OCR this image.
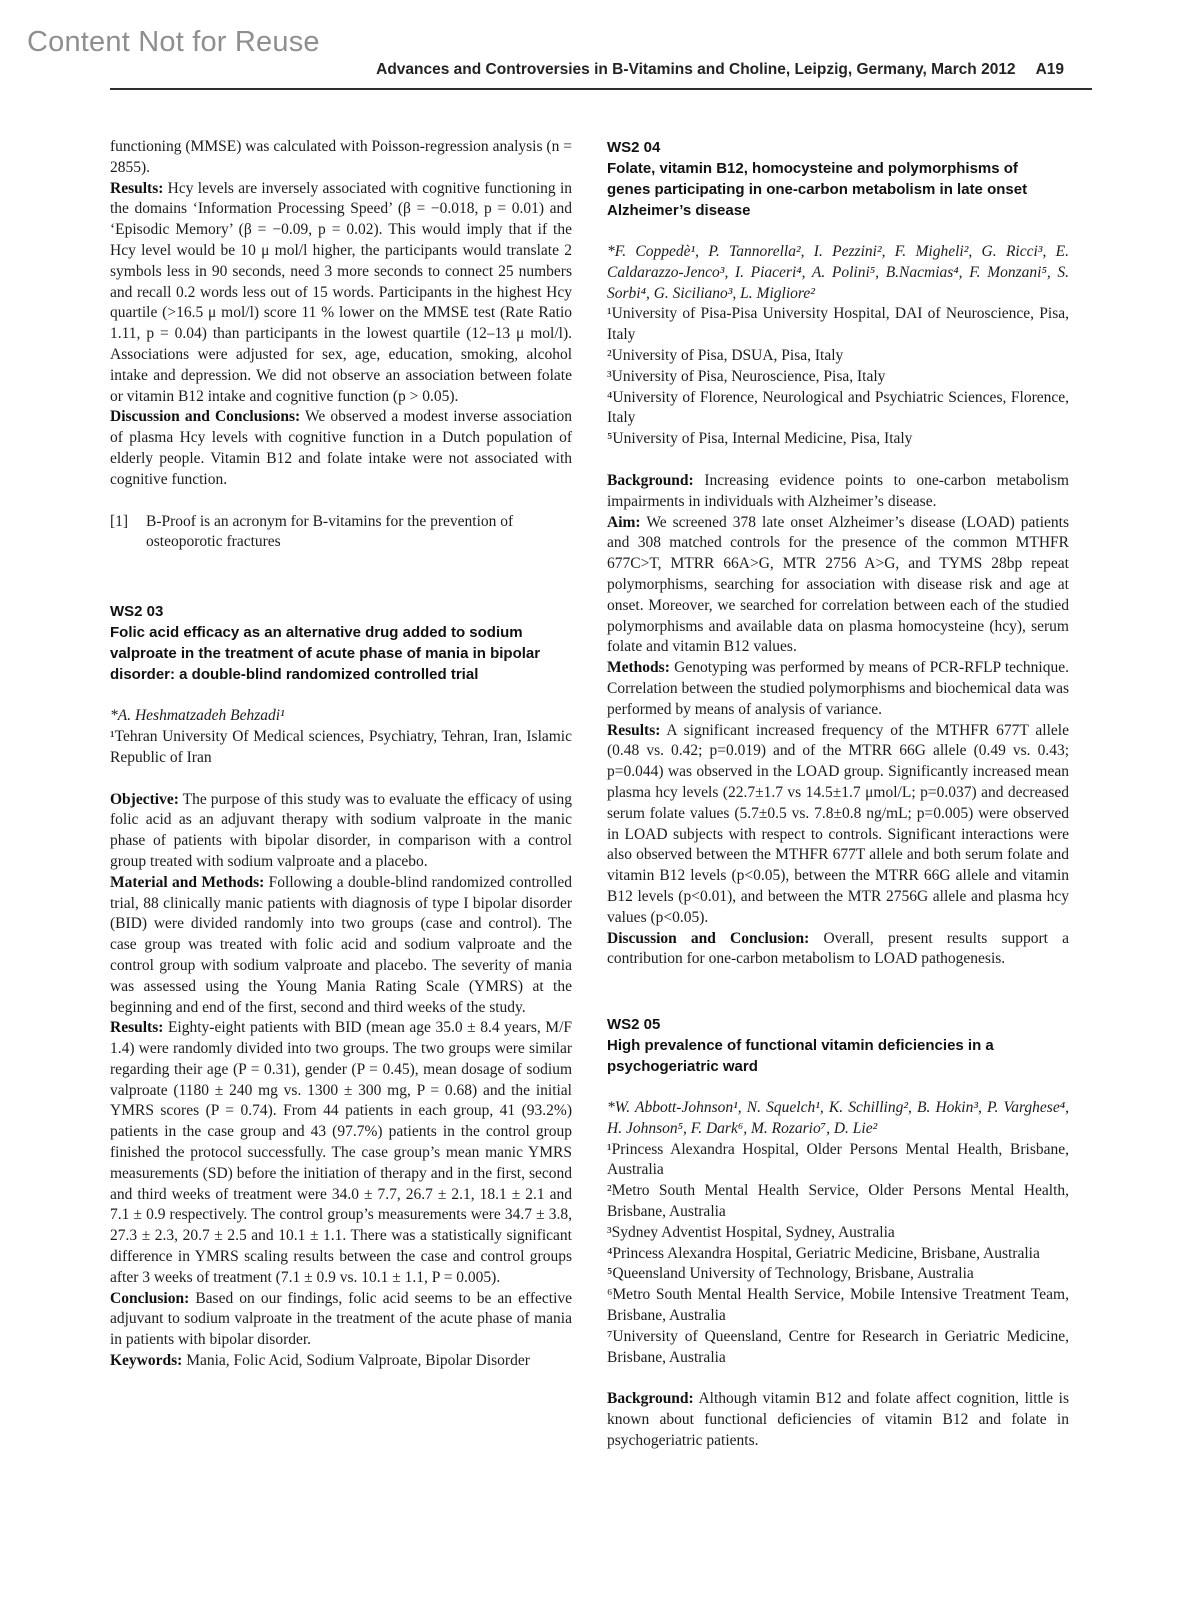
Content Not for Reuse
Advances and Controversies in B-Vitamins and Choline, Leipzig, Germany, March 2012 A19

functioning (MMSE) was calculated with Poisson-regression analysis (n = 2855).

Results: Hcy levels are inversely associated with cognitive functioning in the domains ‘Information Processing Speed’ (β = −0.018, p = 0.01) and ‘Episodic Memory’ (β = −0.09, p = 0.02). This would imply that if the Hcy level would be 10 μ mol/l higher, the participants would translate 2 symbols less in 90 seconds, need 3 more seconds to connect 25 numbers and recall 0.2 words less out of 15 words. Participants in the highest Hcy quartile (>16.5 μ mol/l) score 11 % lower on the MMSE test (Rate Ratio 1.11, p = 0.04) than participants in the lowest quartile (12–13 μ mol/l). Associations were adjusted for sex, age, education, smoking, alcohol intake and depression. We did not observe an association between folate or vitamin B12 intake and cognitive function (p > 0.05).

Discussion and Conclusions: We observed a modest inverse association of plasma Hcy levels with cognitive function in a Dutch population of elderly people. Vitamin B12 and folate intake were not associated with cognitive function.

[1] B-Proof is an acronym for B-vitamins for the prevention of osteoporotic fractures

WS2 03
Folic acid efficacy as an alternative drug added to sodium valproate in the treatment of acute phase of mania in bipolar disorder: a double-blind randomized controlled trial

*A. Heshmatzadeh Behzadi¹

¹Tehran University Of Medical sciences, Psychiatry, Tehran, Iran, Islamic Republic of Iran

Objective: The purpose of this study was to evaluate the efficacy of using folic acid as an adjuvant therapy with sodium valproate in the manic phase of patients with bipolar disorder, in comparison with a control group treated with sodium valproate and a placebo.

Material and Methods: Following a double-blind randomized controlled trial, 88 clinically manic patients with diagnosis of type I bipolar disorder (BID) were divided randomly into two groups (case and control). The case group was treated with folic acid and sodium valproate and the control group with sodium valproate and placebo. The severity of mania was assessed using the Young Mania Rating Scale (YMRS) at the beginning and end of the first, second and third weeks of the study.

Results: Eighty-eight patients with BID (mean age 35.0 ± 8.4 years, M/F 1.4) were randomly divided into two groups. The two groups were similar regarding their age (P = 0.31), gender (P = 0.45), mean dosage of sodium valproate (1180 ± 240 mg vs. 1300 ± 300 mg, P = 0.68) and the initial YMRS scores (P = 0.74). From 44 patients in each group, 41 (93.2%) patients in the case group and 43 (97.7%) patients in the control group finished the protocol successfully. The case group’s mean manic YMRS measurements (SD) before the initiation of therapy and in the first, second and third weeks of treatment were 34.0 ± 7.7, 26.7 ± 2.1, 18.1 ± 2.1 and 7.1 ± 0.9 respectively. The control group’s measurements were 34.7 ± 3.8, 27.3 ± 2.3, 20.7 ± 2.5 and 10.1 ± 1.1. There was a statistically significant difference in YMRS scaling results between the case and control groups after 3 weeks of treatment (7.1 ± 0.9 vs. 10.1 ± 1.1, P = 0.005).

Conclusion: Based on our findings, folic acid seems to be an effective adjuvant to sodium valproate in the treatment of the acute phase of mania in patients with bipolar disorder.

Keywords: Mania, Folic Acid, Sodium Valproate, Bipolar Disorder

WS2 04
Folate, vitamin B12, homocysteine and polymorphisms of genes participating in one-carbon metabolism in late onset Alzheimer’s disease

*F. Coppedè¹, P. Tannorella², I. Pezzini², F. Migheli², G. Ricci³, E. Caldarazzo-Jenco³, I. Piaceri⁴, A. Polini⁵, B.Nacmias⁴, F. Monzani⁵, S. Sorbi⁴, G. Siciliano³, L. Migliore²

¹University of Pisa-Pisa University Hospital, DAI of Neuroscience, Pisa, Italy

²University of Pisa, DSUA, Pisa, Italy

³University of Pisa, Neuroscience, Pisa, Italy

⁴University of Florence, Neurological and Psychiatric Sciences, Florence, Italy

⁵University of Pisa, Internal Medicine, Pisa, Italy

Background: Increasing evidence points to one-carbon metabolism impairments in individuals with Alzheimer’s disease.

Aim: We screened 378 late onset Alzheimer’s disease (LOAD) patients and 308 matched controls for the presence of the common MTHFR 677C>T, MTRR 66A>G, MTR 2756 A>G, and TYMS 28bp repeat polymorphisms, searching for association with disease risk and age at onset. Moreover, we searched for correlation between each of the studied polymorphisms and available data on plasma homocysteine (hcy), serum folate and vitamin B12 values.

Methods: Genotyping was performed by means of PCR-RFLP technique. Correlation between the studied polymorphisms and biochemical data was performed by means of analysis of variance.

Results: A significant increased frequency of the MTHFR 677T allele (0.48 vs. 0.42; p=0.019) and of the MTRR 66G allele (0.49 vs. 0.43; p=0.044) was observed in the LOAD group. Significantly increased mean plasma hcy levels (22.7±1.7 vs 14.5±1.7 μmol/L; p=0.037) and decreased serum folate values (5.7±0.5 vs. 7.8±0.8 ng/mL; p=0.005) were observed in LOAD subjects with respect to controls. Significant interactions were also observed between the MTHFR 677T allele and both serum folate and vitamin B12 levels (p<0.05), between the MTRR 66G allele and vitamin B12 levels (p<0.01), and between the MTR 2756G allele and plasma hcy values (p<0.05).

Discussion and Conclusion: Overall, present results support a contribution for one-carbon metabolism to LOAD pathogenesis.

WS2 05
High prevalence of functional vitamin deficiencies in a psychogeriatric ward

*W. Abbott-Johnson¹, N. Squelch¹, K. Schilling², B. Hokin³, P. Varghese⁴, H. Johnson⁵, F. Dark⁶, M. Rozario⁷, D. Lie²

¹Princess Alexandra Hospital, Older Persons Mental Health, Brisbane, Australia

²Metro South Mental Health Service, Older Persons Mental Health, Brisbane, Australia

³Sydney Adventist Hospital, Sydney, Australia

⁴Princess Alexandra Hospital, Geriatric Medicine, Brisbane, Australia

⁵Queensland University of Technology, Brisbane, Australia

⁶Metro South Mental Health Service, Mobile Intensive Treatment Team, Brisbane, Australia

⁷University of Queensland, Centre for Research in Geriatric Medicine, Brisbane, Australia

Background: Although vitamin B12 and folate affect cognition, little is known about functional deficiencies of vitamin B12 and folate in psychogeriatric patients.
